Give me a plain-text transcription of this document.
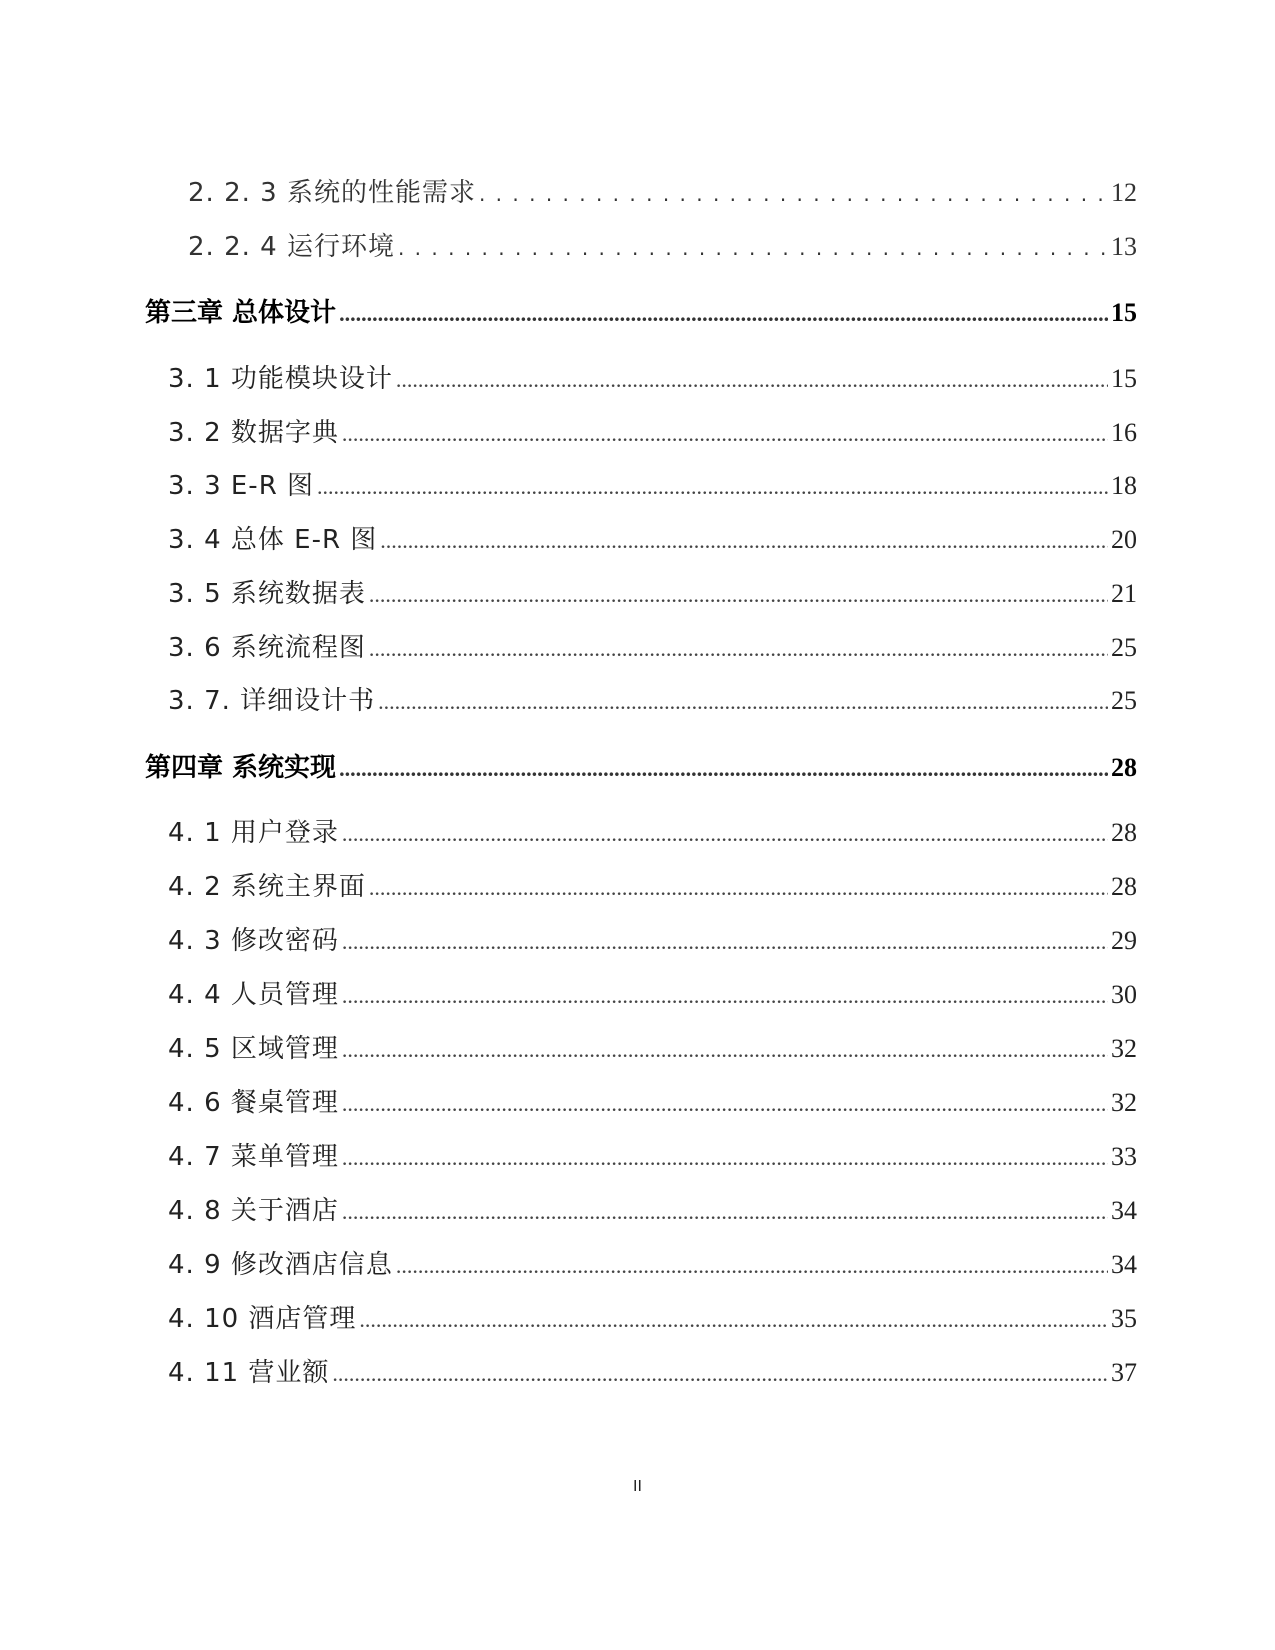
2. 2. 3 系统的性能需求 . . .	12
2. 2. 4 运行环境 . . .	13
第三章 总体设计 .....	15
3. 1 功能模块设计 .....	15
3. 2 数据字典 .....	16
3. 3 E-R 图 .....	18
3. 4 总体 E-R 图 .....	20
3. 5 系统数据表 .....	21
3. 6 系统流程图 .....	25
3. 7. 详细设计书 .....	25
第四章 系统实现 .....	28
4. 1 用户登录 .....	28
4. 2 系统主界面 .....	28
4. 3 修改密码 .....	29
4. 4 人员管理 .....	30
4. 5 区域管理 .....	32
4. 6 餐桌管理 .....	32
4. 7 菜单管理 .....	33
4. 8 关于酒店 .....	34
4. 9 修改酒店信息 .....	34
4. 10 酒店管理 .....	35
4. 11 营业额 .....	37
II
